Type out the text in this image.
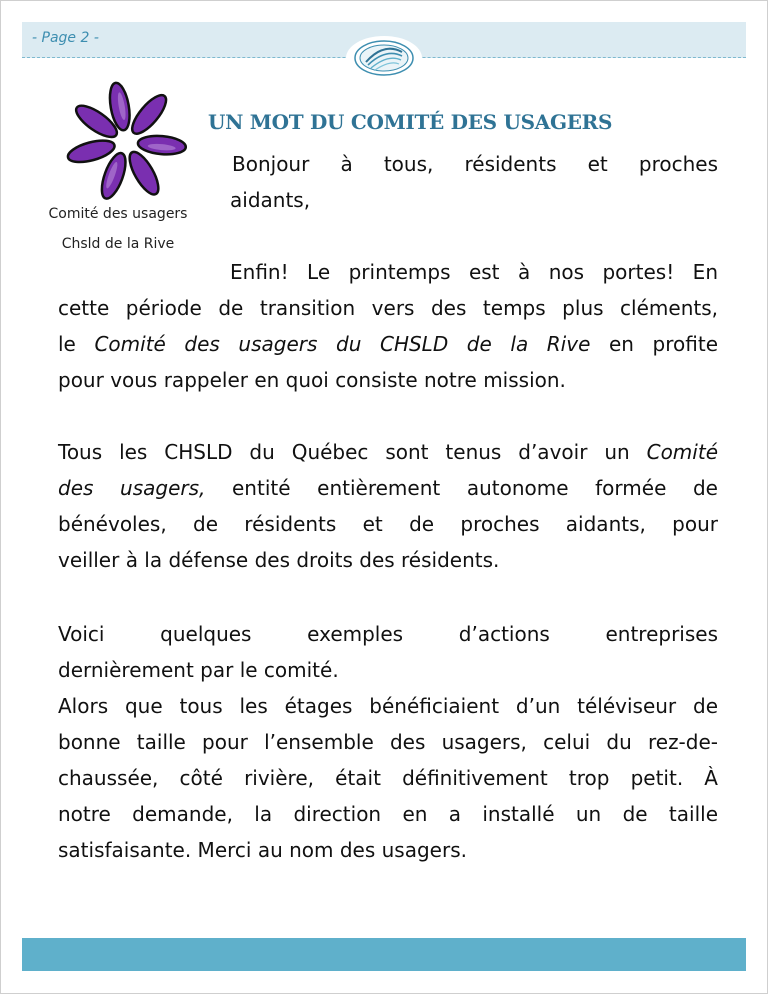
- Page 2 -
Comité des usagers
Chsld de la Rive
UN MOT DU COMITÉ DES USAGERS
Bonjour à tous, résidents et proches
aidants,
Enfin! Le printemps est à nos portes! En
cette période de transition vers des temps plus cléments,
le Comité des usagers du CHSLD de la Rive en profite
pour vous rappeler en quoi consiste notre mission.
Tous les CHSLD du Québec sont tenus d’avoir un Comité
des usagers, entité entièrement autonome formée de
bénévoles, de résidents et de proches aidants, pour
veiller à la défense des droits des résidents.
Voici quelques exemples d’actions entreprises
dernièrement par le comité.
Alors que tous les étages bénéficiaient d’un téléviseur de
bonne taille pour l’ensemble des usagers, celui du rez-de-
chaussée, côté rivière, était définitivement trop petit. À
notre demande, la direction en a installé un de taille
satisfaisante. Merci au nom des usagers.
